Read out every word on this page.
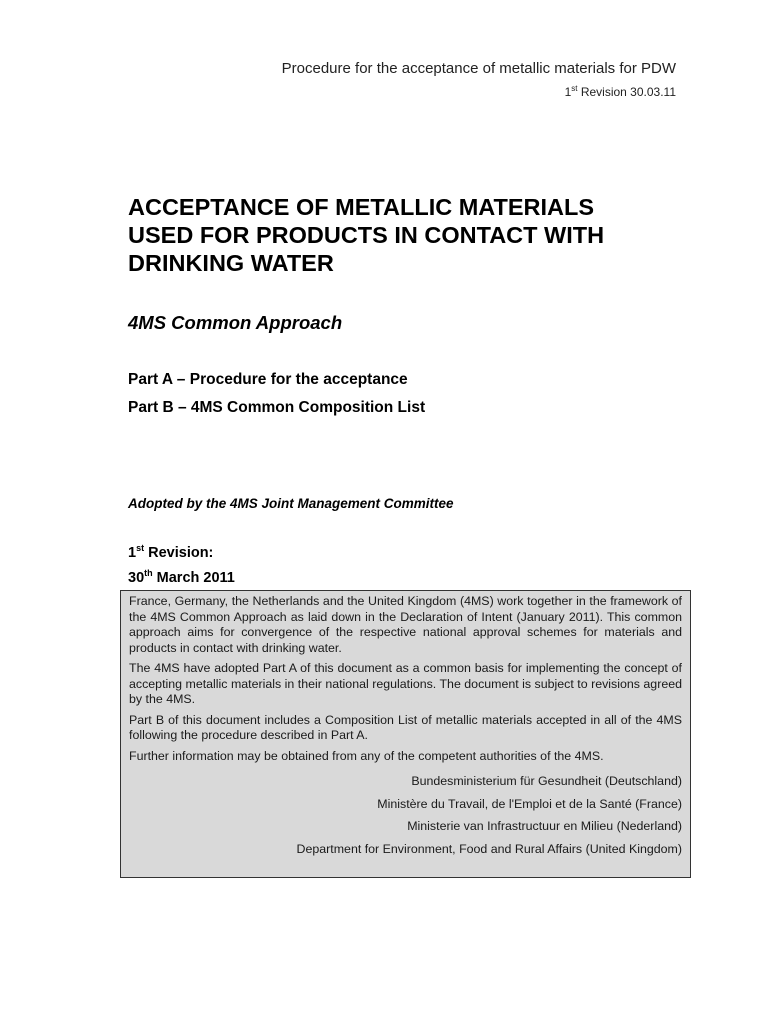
Procedure for the acceptance of metallic materials for PDW
1st Revision 30.03.11
ACCEPTANCE OF METALLIC MATERIALS
USED FOR PRODUCTS IN CONTACT WITH
DRINKING WATER
4MS Common Approach
Part A – Procedure for the acceptance
Part B – 4MS Common Composition List
Adopted by the 4MS Joint Management Committee
1st Revision:
30th March 2011

France, Germany, the Netherlands and the United Kingdom (4MS) work together in the framework of the 4MS Common Approach as laid down in the Declaration of Intent (January 2011). This common approach aims for convergence of the respective national approval schemes for materials and products in contact with drinking water.

The 4MS have adopted Part A of this document as a common basis for implementing the concept of accepting metallic materials in their national regulations. The document is subject to revisions agreed by the 4MS.

Part B of this document includes a Composition List of metallic materials accepted in all of the 4MS following the procedure described in Part A.

Further information may be obtained from any of the competent authorities of the 4MS.

Bundesministerium für Gesundheit (Deutschland)
Ministère du Travail, de l'Emploi et de la Santé (France)
Ministerie van Infrastructuur en Milieu (Nederland)
Department for Environment, Food and Rural Affairs (United Kingdom)
